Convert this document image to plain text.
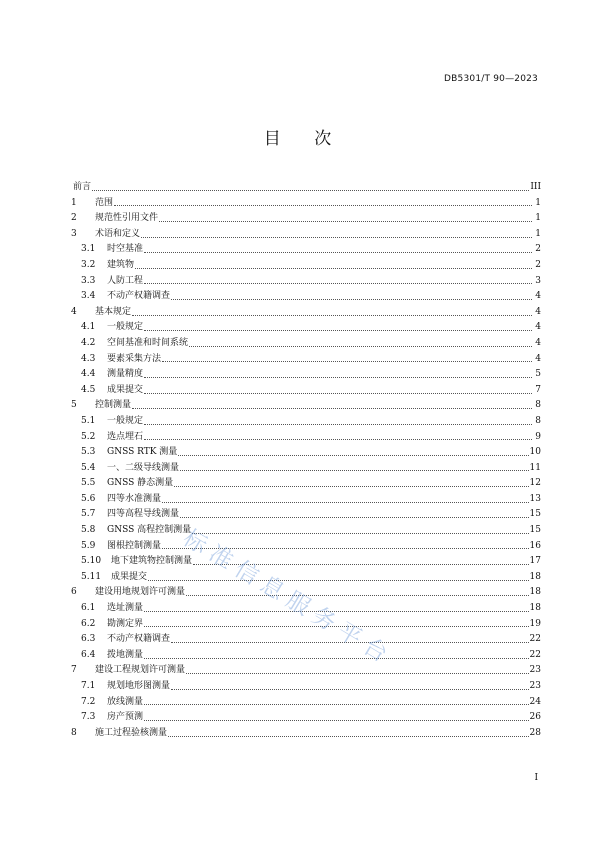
DB5301/T 90—2023
目 次
前言	III
1	范围	1
2	规范性引用文件	1
3	术语和定义	1
3.1	时空基准	2
3.2	建筑物	2
3.3	人防工程	3
3.4	不动产权籍调查	4
4	基本规定	4
4.1	一般规定	4
4.2	空间基准和时间系统	4
4.3	要素采集方法	4
4.4	测量精度	5
4.5	成果提交	7
5	控制测量	8
5.1	一般规定	8
5.2	选点埋石	9
5.3	GNSS RTK 测量	10
5.4	一、二级导线测量	11
5.5	GNSS 静态测量	12
5.6	四等水准测量	13
5.7	四等高程导线测量	15
5.8	GNSS 高程控制测量	15
5.9	图根控制测量	16
5.10	地下建筑物控制测量	17
5.11	成果提交	18
6	建设用地规划许可测量	18
6.1	选址测量	18
6.2	勘测定界	19
6.3	不动产权籍调查	22
6.4	拨地测量	22
7	建设工程规划许可测量	23
7.1	规划地形图测量	23
7.2	放线测量	24
7.3	房产预测	26
8	施工过程验核测量	28
I
标准信息服务平台
